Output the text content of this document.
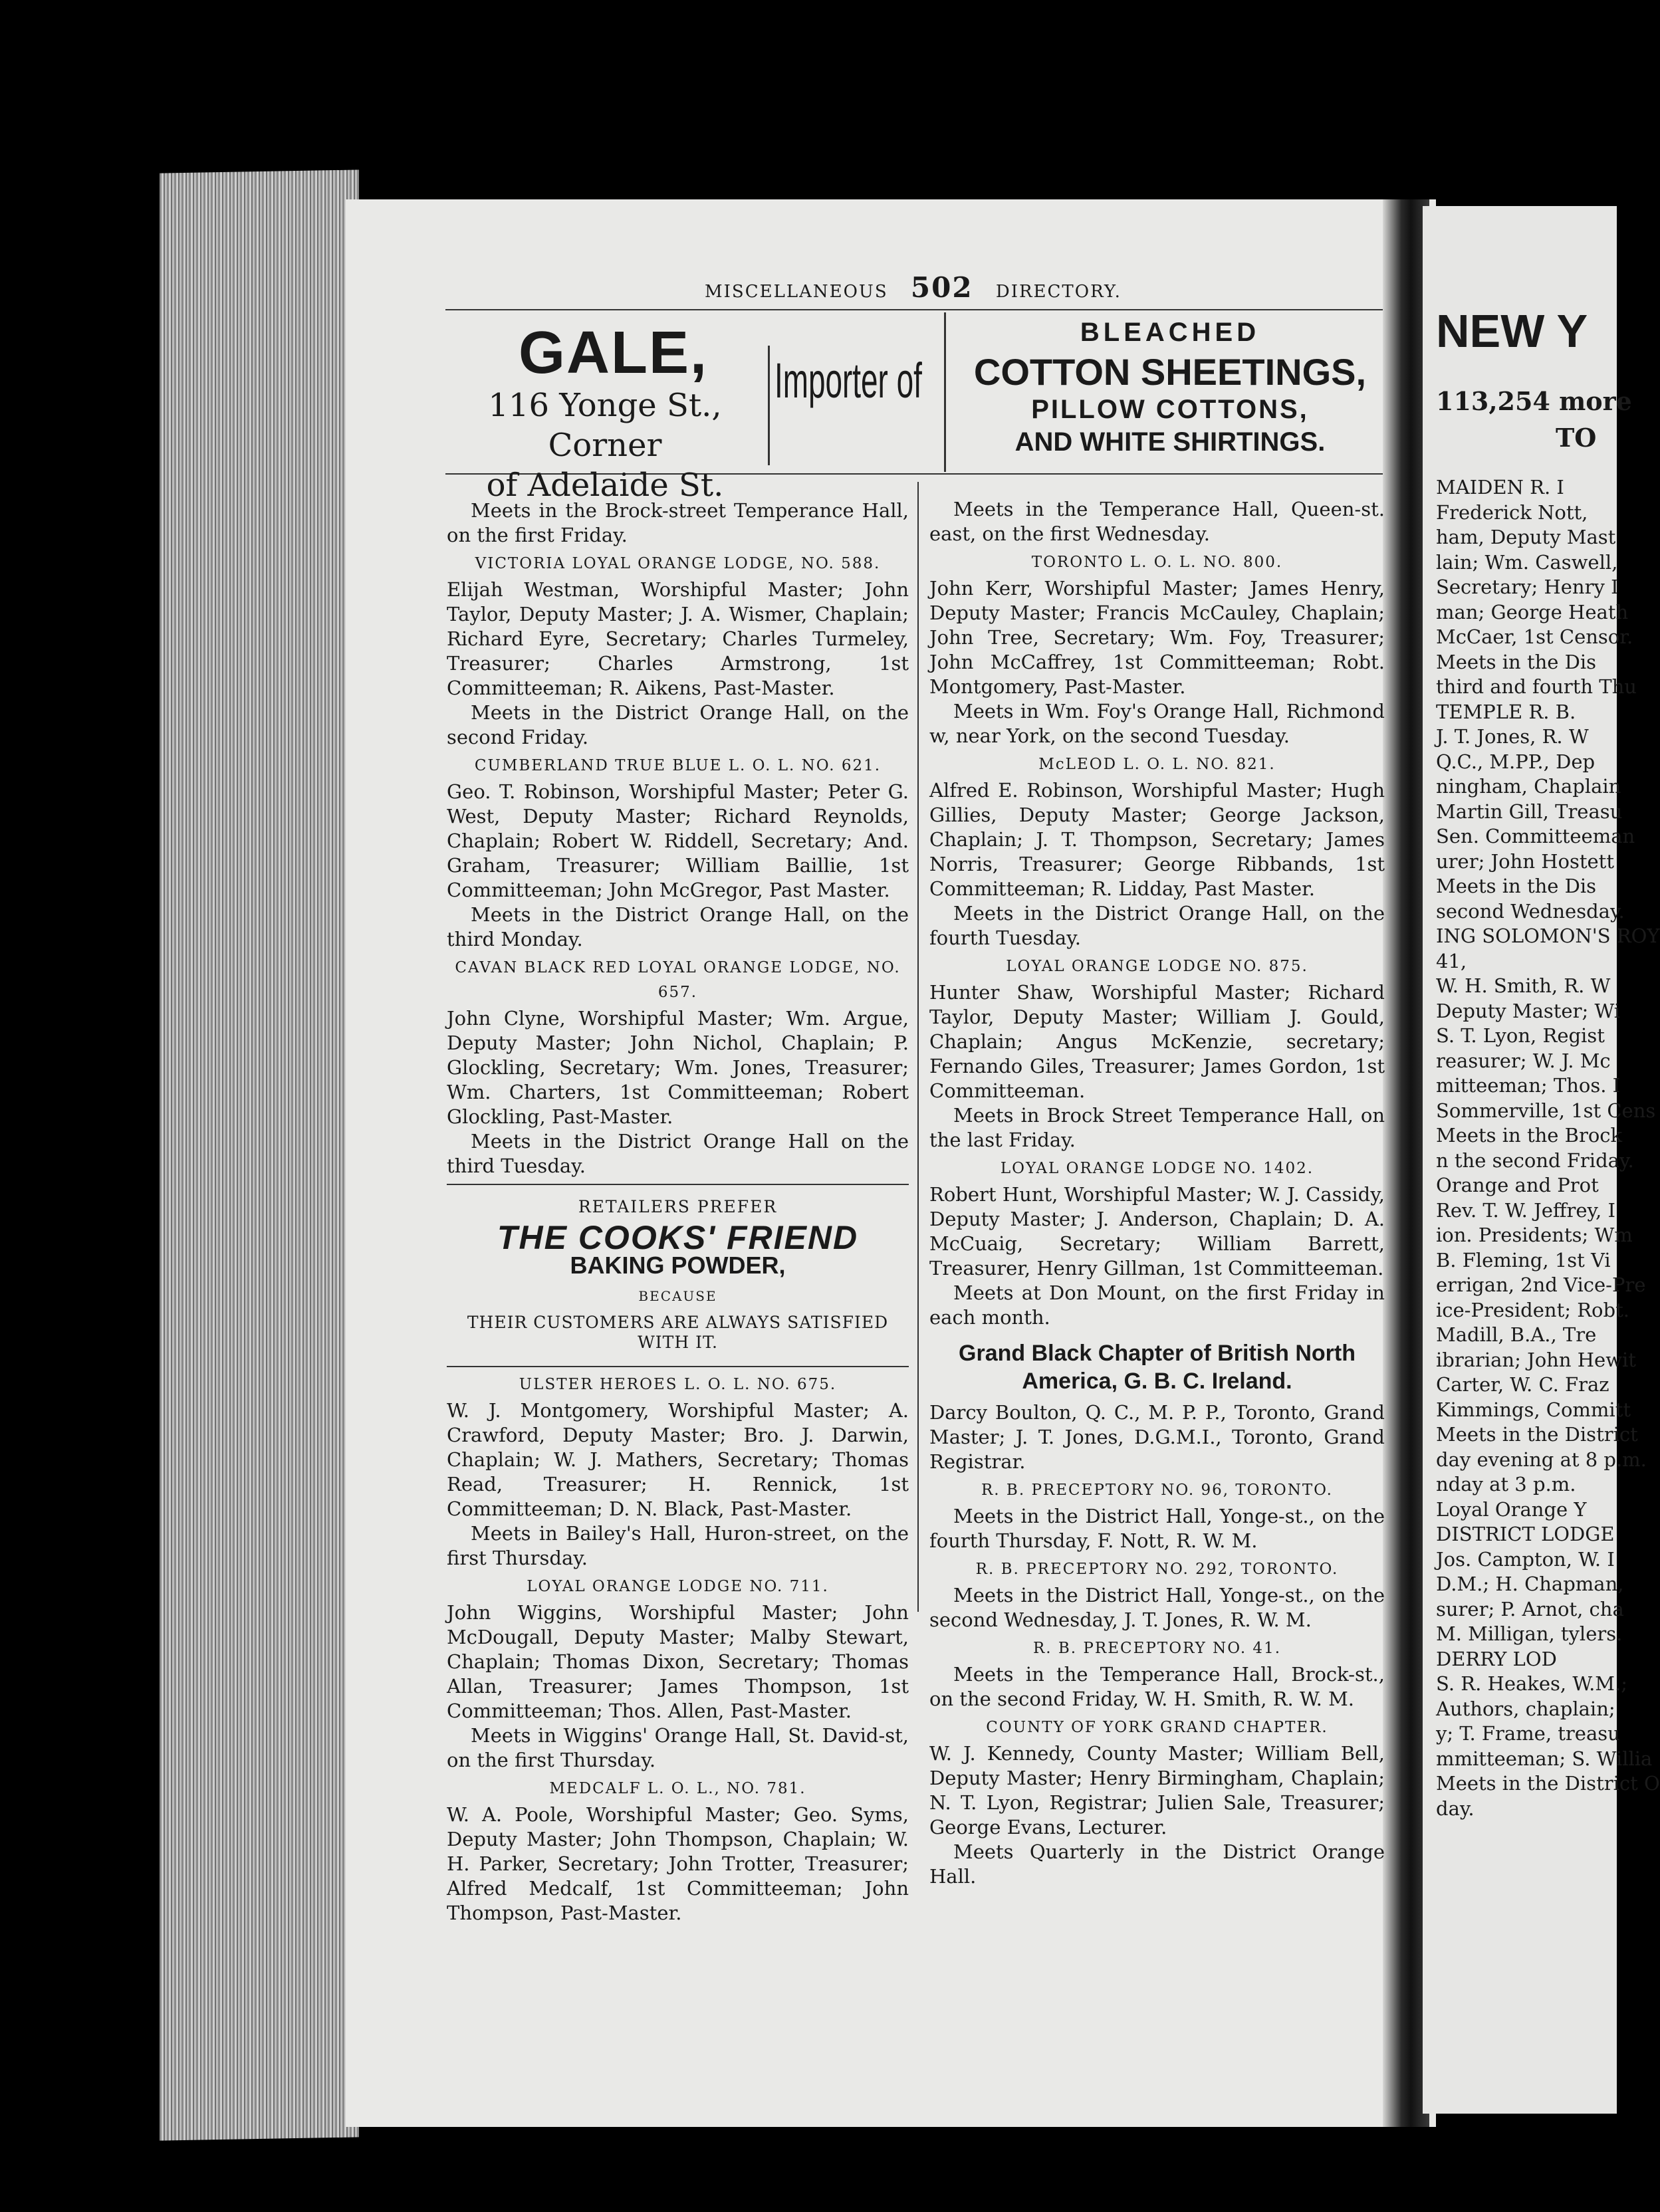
NEW Y
113,254 more
TO
MAIDEN R. I
Frederick Nott,
ham, Deputy Mast
lain; Wm. Caswell,
Secretary; Henry I
man; George Heath
McCaer, 1st Censor.
Meets in the Dis
third and fourth Thu
TEMPLE R. B.
J. T. Jones, R. W
Q.C., M.PP., Dep
ningham, Chaplain
Martin Gill, Treasu
Sen. Committeeman
urer; John Hostett
Meets in the Dis
second Wednesday.
ING SOLOMON'S ROY
41,
W. H. Smith, R. W
Deputy Master; Wi
S. T. Lyon, Regist
reasurer; W. J. Mc
mitteeman; Thos. I
Sommerville, 1st Cens
Meets in the Brock
n the second Friday.
Orange and Prot
Rev. T. W. Jeffrey, I
ion. Presidents; Wm
B. Fleming, 1st Vi
errigan, 2nd Vice-Pre
ice-President; Robt.
Madill, B.A., Tre
ibrarian; John Hewit
Carter, W. C. Fraz
Kimmings, Committ
Meets in the District
day evening at 8 p.m.
nday at 3 p.m.
Loyal Orange Y
DISTRICT LODGE
Jos. Campton, W. I
D.M.; H. Chapman,
surer; P. Arnot, cha
M. Milligan, tylers.
DERRY LOD
S. R. Heakes, W.M.;
Authors, chaplain;
y; T. Frame, treasu
mmitteeman; S. Willia
Meets in the District O
day.
MISCELLANEOUS 502 DIRECTORY.
GALE,
116 Yonge St., Corner
of Adelaide St.
Importer of
BLEACHED
COTTON SHEETINGS,
PILLOW COTTONS,
AND WHITE SHIRTINGS.

Meets in the Brock-street Temperance Hall, on the first Friday.

VICTORIA LOYAL ORANGE LODGE, NO. 588.

Elijah Westman, Worshipful Master; John Taylor, Deputy Master; J. A. Wismer, Chaplain; Richard Eyre, Secretary; Charles Turmeley, Treasurer; Charles Armstrong, 1st Committeeman; R. Aikens, Past-Master.

Meets in the District Orange Hall, on the second Friday.

CUMBERLAND TRUE BLUE L. O. L. NO. 621.

Geo. T. Robinson, Worshipful Master; Peter G. West, Deputy Master; Richard Reynolds, Chaplain; Robert W. Riddell, Secretary; And. Graham, Treasurer; William Baillie, 1st Committeeman; John McGregor, Past Master.

Meets in the District Orange Hall, on the third Monday.

CAVAN BLACK RED LOYAL ORANGE LODGE, NO. 657.

John Clyne, Worshipful Master; Wm. Argue, Deputy Master; John Nichol, Chaplain; P. Glockling, Secretary; Wm. Jones, Treasurer; Wm. Charters, 1st Committeeman; Robert Glockling, Past-Master.

Meets in the District Orange Hall on the third Tuesday.

RETAILERS PREFER
THE COOKS' FRIEND
BAKING POWDER,
BECAUSE
THEIR CUSTOMERS ARE ALWAYS SATISFIED WITH IT.

ULSTER HEROES L. O. L. NO. 675.

W. J. Montgomery, Worshipful Master; A. Crawford, Deputy Master; Bro. J. Darwin, Chaplain; W. J. Mathers, Secretary; Thomas Read, Treasurer; H. Rennick, 1st Committeeman; D. N. Black, Past-Master.

Meets in Bailey's Hall, Huron-street, on the first Thursday.

LOYAL ORANGE LODGE NO. 711.

John Wiggins, Worshipful Master; John McDougall, Deputy Master; Malby Stewart, Chaplain; Thomas Dixon, Secretary; Thomas Allan, Treasurer; James Thompson, 1st Committeeman; Thos. Allen, Past-Master.

Meets in Wiggins' Orange Hall, St. David-st, on the first Thursday.

MEDCALF L. O. L., NO. 781.

W. A. Poole, Worshipful Master; Geo. Syms, Deputy Master; John Thompson, Chaplain; W. H. Parker, Secretary; John Trotter, Treasurer; Alfred Medcalf, 1st Committeeman; John Thompson, Past-Master.

Meets in the Temperance Hall, Queen-st. east, on the first Wednesday.

TORONTO L. O. L. NO. 800.

John Kerr, Worshipful Master; James Henry, Deputy Master; Francis McCauley, Chaplain; John Tree, Secretary; Wm. Foy, Treasurer; John McCaffrey, 1st Committeeman; Robt. Montgomery, Past-Master.

Meets in Wm. Foy's Orange Hall, Richmond w, near York, on the second Tuesday.

McLEOD L. O. L. NO. 821.

Alfred E. Robinson, Worshipful Master; Hugh Gillies, Deputy Master; George Jackson, Chaplain; J. T. Thompson, Secretary; James Norris, Treasurer; George Ribbands, 1st Committeeman; R. Lidday, Past Master.

Meets in the District Orange Hall, on the fourth Tuesday.

LOYAL ORANGE LODGE NO. 875.

Hunter Shaw, Worshipful Master; Richard Taylor, Deputy Master; William J. Gould, Chaplain; Angus McKenzie, secretary; Fernando Giles, Treasurer; James Gordon, 1st Committeeman.

Meets in Brock Street Temperance Hall, on the last Friday.

LOYAL ORANGE LODGE NO. 1402.

Robert Hunt, Worshipful Master; W. J. Cassidy, Deputy Master; J. Anderson, Chaplain; D. A. McCuaig, Secretary; William Barrett, Treasurer, Henry Gillman, 1st Committeeman.

Meets at Don Mount, on the first Friday in each month.

Grand Black Chapter of British North America, G. B. C. Ireland.

Darcy Boulton, Q. C., M. P. P., Toronto, Grand Master; J. T. Jones, D.G.M.I., Toronto, Grand Registrar.

R. B. PRECEPTORY NO. 96, TORONTO.

Meets in the District Hall, Yonge-st., on the fourth Thursday, F. Nott, R. W. M.

R. B. PRECEPTORY NO. 292, TORONTO.

Meets in the District Hall, Yonge-st., on the second Wednesday, J. T. Jones, R. W. M.

R. B. PRECEPTORY NO. 41.

Meets in the Temperance Hall, Brock-st., on the second Friday, W. H. Smith, R. W. M.

COUNTY OF YORK GRAND CHAPTER.

W. J. Kennedy, County Master; William Bell, Deputy Master; Henry Birmingham, Chaplain; N. T. Lyon, Registrar; Julien Sale, Treasurer; George Evans, Lecturer.

Meets Quarterly in the District Orange Hall.
